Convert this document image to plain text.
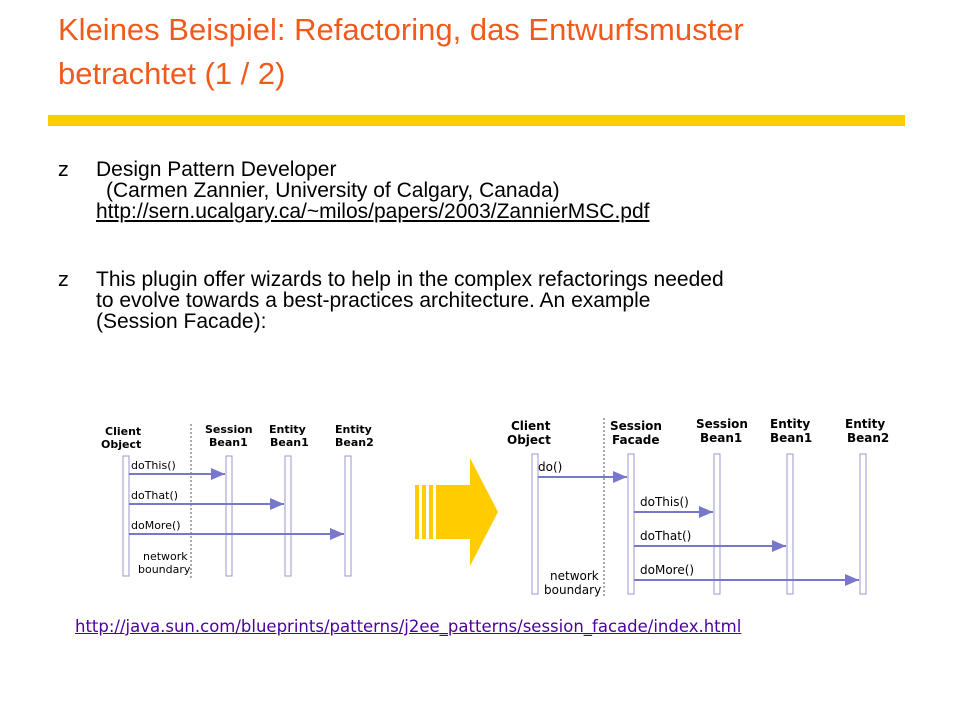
Kleines Beispiel: Refactoring, das Entwurfsmuster
betrachtet (1 / 2)
z Design Pattern Developer
(Carmen Zannier, University of Calgary, Canada)
http://sern.ucalgary.ca/~milos/papers/2003/ZannierMSC.pdf
z This plugin offer wizards to help in the complex refactorings needed
to evolve towards a best-practices architecture. An example
(Session Facade):
Client Object
Session Bean1
Entity Bean1
Entity Bean2
doThis()
doThat()
doMore()
network boundary
Client Object
Session Facade
Session Bean1
Entity Bean1
Entity Bean2
do()
doThis()
doThat()
doMore()
network boundary
http://java.sun.com/blueprints/patterns/j2ee_patterns/session_facade/index.html
